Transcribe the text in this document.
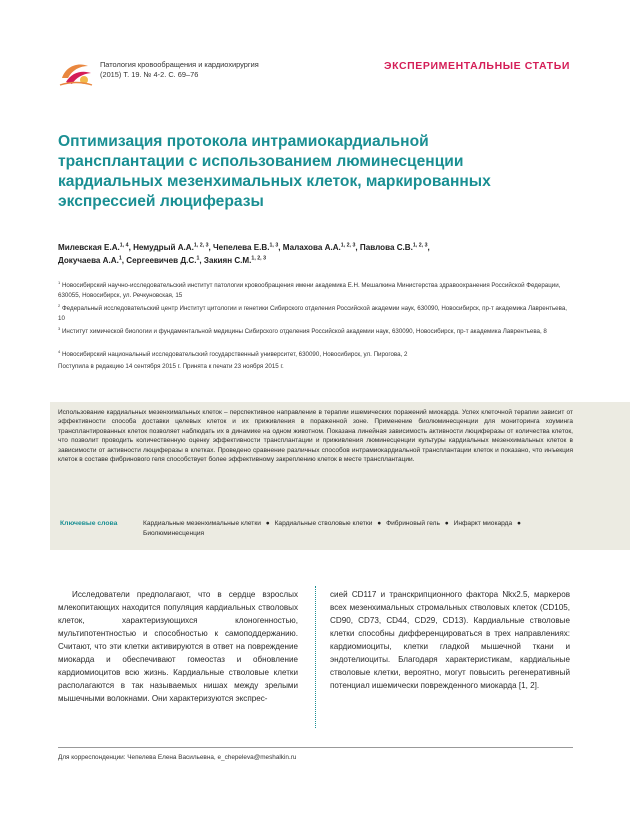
Патология кровообращения и кардиохирургия
(2015) Т. 19. № 4-2. С. 69–76
ЭКСПЕРИМЕНТАЛЬНЫЕ СТАТЬИ
Оптимизация протокола интрамиокардиальной трансплантации с использованием люминесценции кардиальных мезенхимальных клеток, маркированных экспрессией люциферазы
Милевская Е.А.$^{1, 4}$, Немудрый А.А.$^{1, 2, 3}$, Чепелева Е.В.$^{1, 3}$, Малахова А.А.$^{1, 2, 3}$, Павлова С.В.$^{1, 2, 3}$,
Докучаева А.А.$^1$, Сергеевичев Д.С.$^1$, Закиян С.М.$^{1, 2, 3}$
$^1$ Новосибирский научно-исследовательский институт патологии кровообращения имени академика Е.Н. Мешалкина Министерства здравоохранения Российской Федерации, 630055, Новосибирск, ул. Речкуновская, 15
$^2$ Федеральный исследовательский центр Институт цитологии и генетики Сибирского отделения Российской академии наук, 630090, Новосибирск, пр-т академика Лаврентьева, 10
$^3$ Институт химической биологии и фундаментальной медицины Сибирского отделения Российской академии наук, 630090, Новосибирск, пр-т академика Лаврентьева, 8
$^4$ Новосибирский национальный исследовательский государственный университет, 630090, Новосибирск, ул. Пирогова, 2
Поступила в редакцию 14 сентября 2015 г. Принята к печати 23 ноября 2015 г.
Использование кардиальных мезенхимальных клеток – перспективное направление в терапии ишемических поражений миокарда. Успех клеточной терапии зависит от эффективности способа доставки целевых клеток и их приживления в пораженной зоне. Применение биолюминесценции для мониторинга хоуминга трансплантированных клеток позволяет наблюдать их в динамике на одном животном. Показана линейная зависимость активности люциферазы от количества клеток, что позволит проводить количественную оценку эффективности трансплантации и приживления люминесценции культуры кардиальных мезенхимальных клеток в зависимости от активности люциферазы в клетках. Проведено сравнение различных способов интрамиокардиальной трансплантации клеток и показано, что инъекция клеток в составе фибринового геля способствует более эффективному закреплению клеток в месте трансплантации.
Ключевые слова	Кардиальные мезенхимальные клетки ● Кардиальные стволовые клетки ● Фибриновый гель ● Инфаркт миокарда ● Биолюминесценция
Исследователи предполагают, что в сердце взрослых млекопитающих находится популяция кардиальных стволовых клеток, характеризующихся клоногенностью, мультипотентностью и способностью к самоподдержанию. Считают, что эти клетки активируются в ответ на повреждение миокарда и обеспечивают гомеостаз и обновление кардиомиоцитов всю жизнь. Кардиальные стволовые клетки располагаются в так называемых нишах между зрелыми мышечными волокнами. Они характеризуются экспрес-
сией CD117 и транскрипционного фактора Nkx2.5, маркеров всех мезенхимальных стромальных стволовых клеток (CD105, CD90, CD73, CD44, CD29, CD13). Кардиальные стволовые клетки способны дифференцироваться в трех направлениях: кардиомиоциты, клетки гладкой мышечной ткани и эндотелиоциты. Благодаря характеристикам, кардиальные стволовые клетки, вероятно, могут повысить регенеративный потенциал ишемически поврежденного миокарда [1, 2].
Для корреспонденции: Чепелева Елена Васильевна, e_chepeleva@meshalkin.ru
